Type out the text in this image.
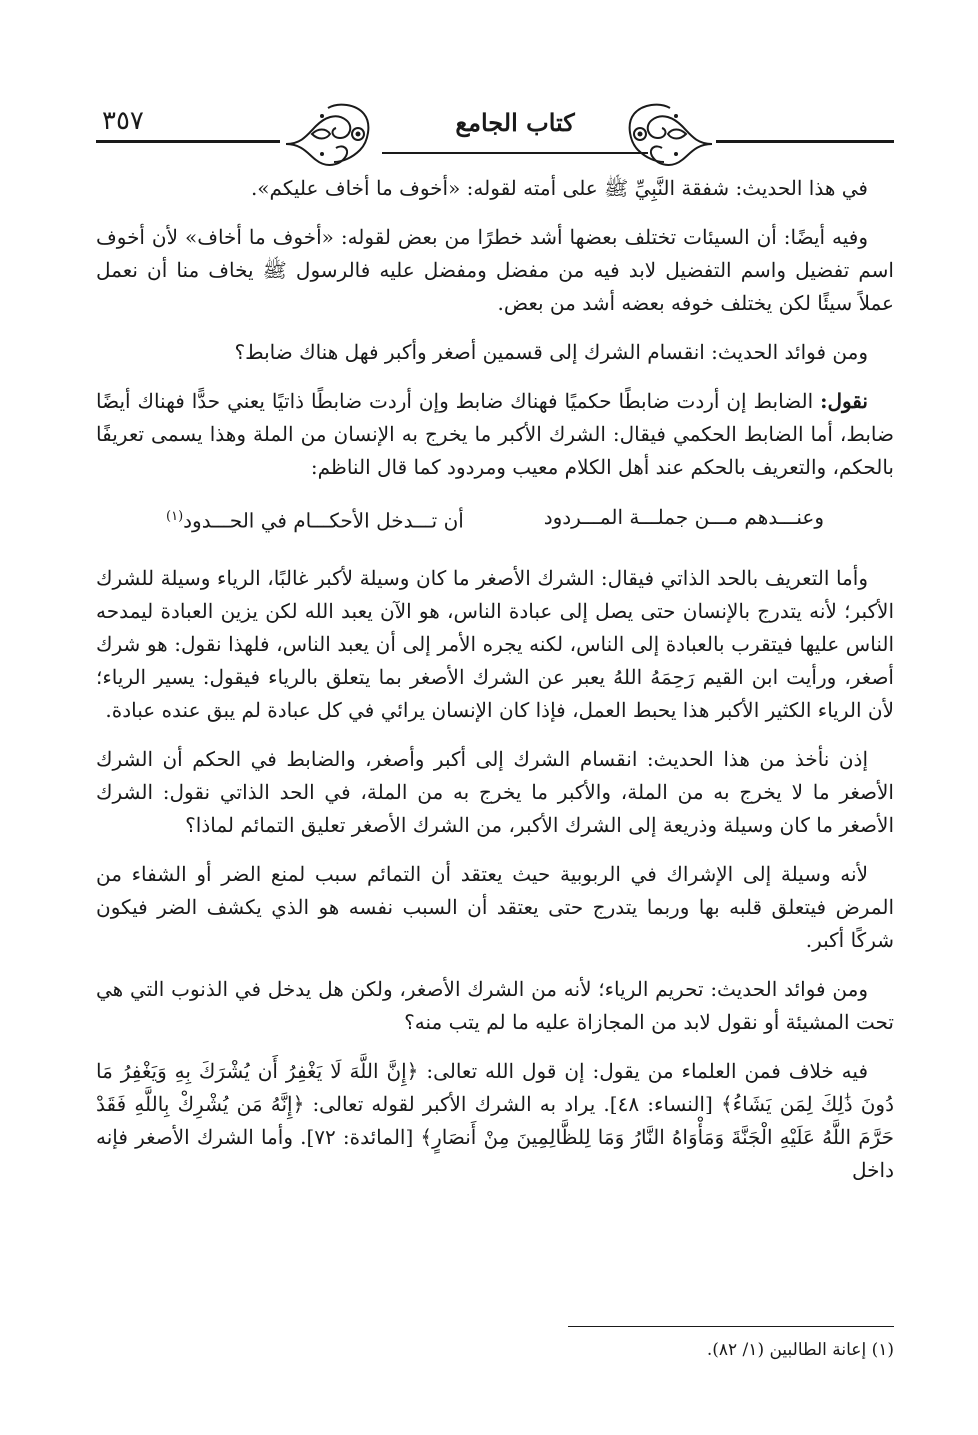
٣٥٧	كتاب الجامع

في هذا الحديث: شفقة النَّبِيِّ ﷺ على أمته لقوله: «أخوف ما أخاف عليكم».

وفيه أيضًا: أن السيئات تختلف بعضها أشد خطرًا من بعض لقوله: «أخوف ما أخاف» لأن أخوف اسم تفضيل واسم التفضيل لابد فيه من مفضل ومفضل عليه فالرسول ﷺ يخاف منا أن نعمل عملاً سيئًا لكن يختلف خوفه بعضه أشد من بعض.

ومن فوائد الحديث: انقسام الشرك إلى قسمين أصغر وأكبر فهل هناك ضابط؟

نقول: الضابط إن أردت ضابطًا حكميًا فهناك ضابط وإن أردت ضابطًا ذاتيًا يعني حدًّا فهناك أيضًا ضابط، أما الضابط الحكمي فيقال: الشرك الأكبر ما يخرج به الإنسان من الملة وهذا يسمى تعريفًا بالحكم، والتعريف بالحكم عند أهل الكلام معيب ومردود كما قال الناظم:

وعنـــدهم مـــن جملـــة المـــردود
أن تـــدخل الأحكـــام في الحـــدود$^{(١)}$

وأما التعريف بالحد الذاتي فيقال: الشرك الأصغر ما كان وسيلة لأكبر غالبًا، الرياء وسيلة للشرك الأكبر؛ لأنه يتدرج بالإنسان حتى يصل إلى عبادة الناس، هو الآن يعبد الله لكن يزين العبادة ليمدحه الناس عليها فيتقرب بالعبادة إلى الناس، لكنه يجره الأمر إلى أن يعبد الناس، فلهذا نقول: هو شرك أصغر، ورأيت ابن القيم رَحِمَهُ اللهُ يعبر عن الشرك الأصغر بما يتعلق بالرياء فيقول: يسير الرياء؛ لأن الرياء الكثير الأكبر هذا يحبط العمل، فإذا كان الإنسان يرائي في كل عبادة لم يبق عنده عبادة.

إذن نأخذ من هذا الحديث: انقسام الشرك إلى أكبر وأصغر، والضابط في الحكم أن الشرك الأصغر ما لا يخرج به من الملة، والأكبر ما يخرج به من الملة، في الحد الذاتي نقول: الشرك الأصغر ما كان وسيلة وذريعة إلى الشرك الأكبر، من الشرك الأصغر تعليق التمائم لماذا؟

لأنه وسيلة إلى الإشراك في الربوبية حيث يعتقد أن التمائم سبب لمنع الضر أو الشفاء من المرض فيتعلق قلبه بها وربما يتدرج حتى يعتقد أن السبب نفسه هو الذي يكشف الضر فيكون شركًا أكبر.

ومن فوائد الحديث: تحريم الرياء؛ لأنه من الشرك الأصغر، ولكن هل يدخل في الذنوب التي هي تحت المشيئة أو نقول لابد من المجازاة عليه ما لم يتب منه؟

فيه خلاف فمن العلماء من يقول: إن قول الله تعالى: ﴿إِنَّ اللَّهَ لَا يَغْفِرُ أَن يُشْرَكَ بِهِ وَيَغْفِرُ مَا دُونَ ذَٰلِكَ لِمَن يَشَاءُ﴾ [النساء: ٤٨]. يراد به الشرك الأكبر لقوله تعالى: ﴿إِنَّهُ مَن يُشْرِكْ بِاللَّهِ فَقَدْ حَرَّمَ اللَّهُ عَلَيْهِ الْجَنَّةَ وَمَأْوَاهُ النَّارُ وَمَا لِلظَّالِمِينَ مِنْ أَنصَارٍ﴾ [المائدة: ٧٢]. وأما الشرك الأصغر فإنه داخل

(١) إعانة الطالبين (١/ ٨٢).
